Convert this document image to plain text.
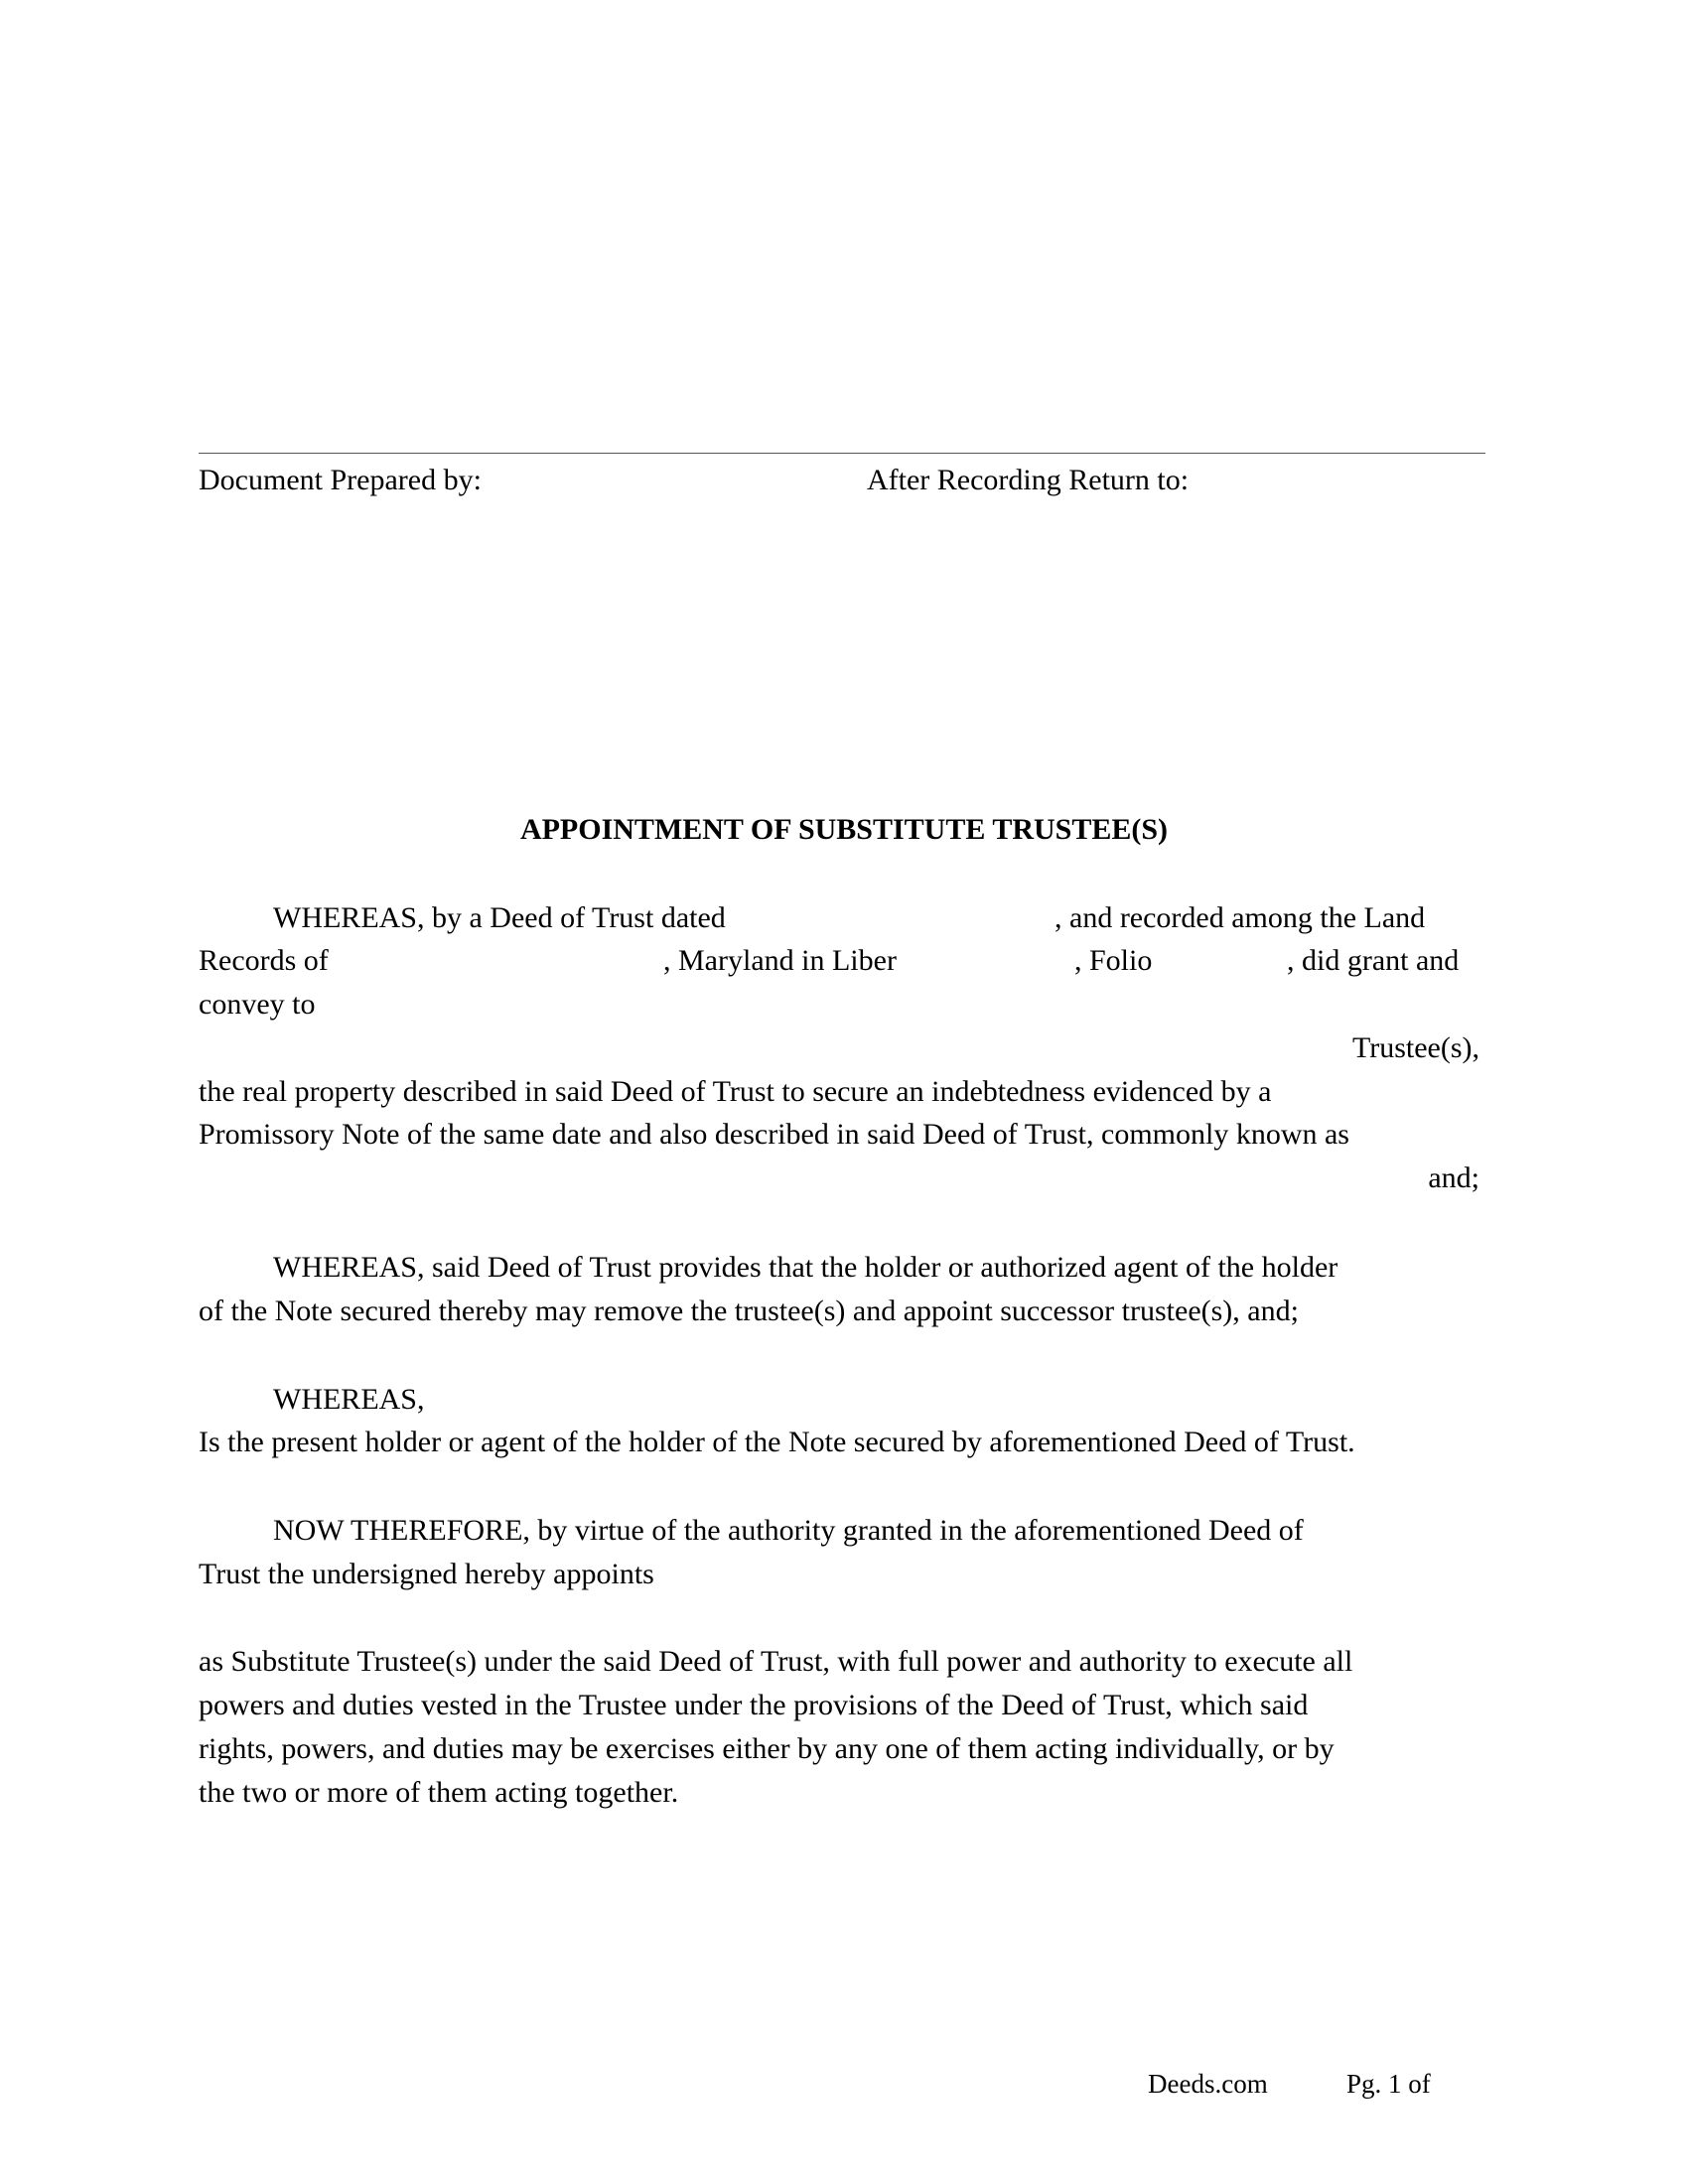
Document Prepared by:	After Recording Return to:
APPOINTMENT OF SUBSTITUTE TRUSTEE(S)
WHEREAS, by a Deed of Trust dated	, and recorded among the Land
Records of	, Maryland in Liber	, Folio	, did grant and
convey to
Trustee(s),
the real property described in said Deed of Trust to secure an indebtedness evidenced by a
Promissory Note of the same date and also described in said Deed of Trust, commonly known as
and;
WHEREAS, said Deed of Trust provides that the holder or authorized agent of the holder
of the Note secured thereby may remove the trustee(s) and appoint successor trustee(s), and;
WHEREAS,
Is the present holder or agent of the holder of the Note secured by aforementioned Deed of Trust.
NOW THEREFORE, by virtue of the authority granted in the aforementioned Deed of
Trust the undersigned hereby appoints
as Substitute Trustee(s) under the said Deed of Trust, with full power and authority to execute all
powers and duties vested in the Trustee under the provisions of the Deed of Trust, which said
rights, powers, and duties may be exercises either by any one of them acting individually, or by
the two or more of them acting together.
Deeds.com	Pg. 1 of
